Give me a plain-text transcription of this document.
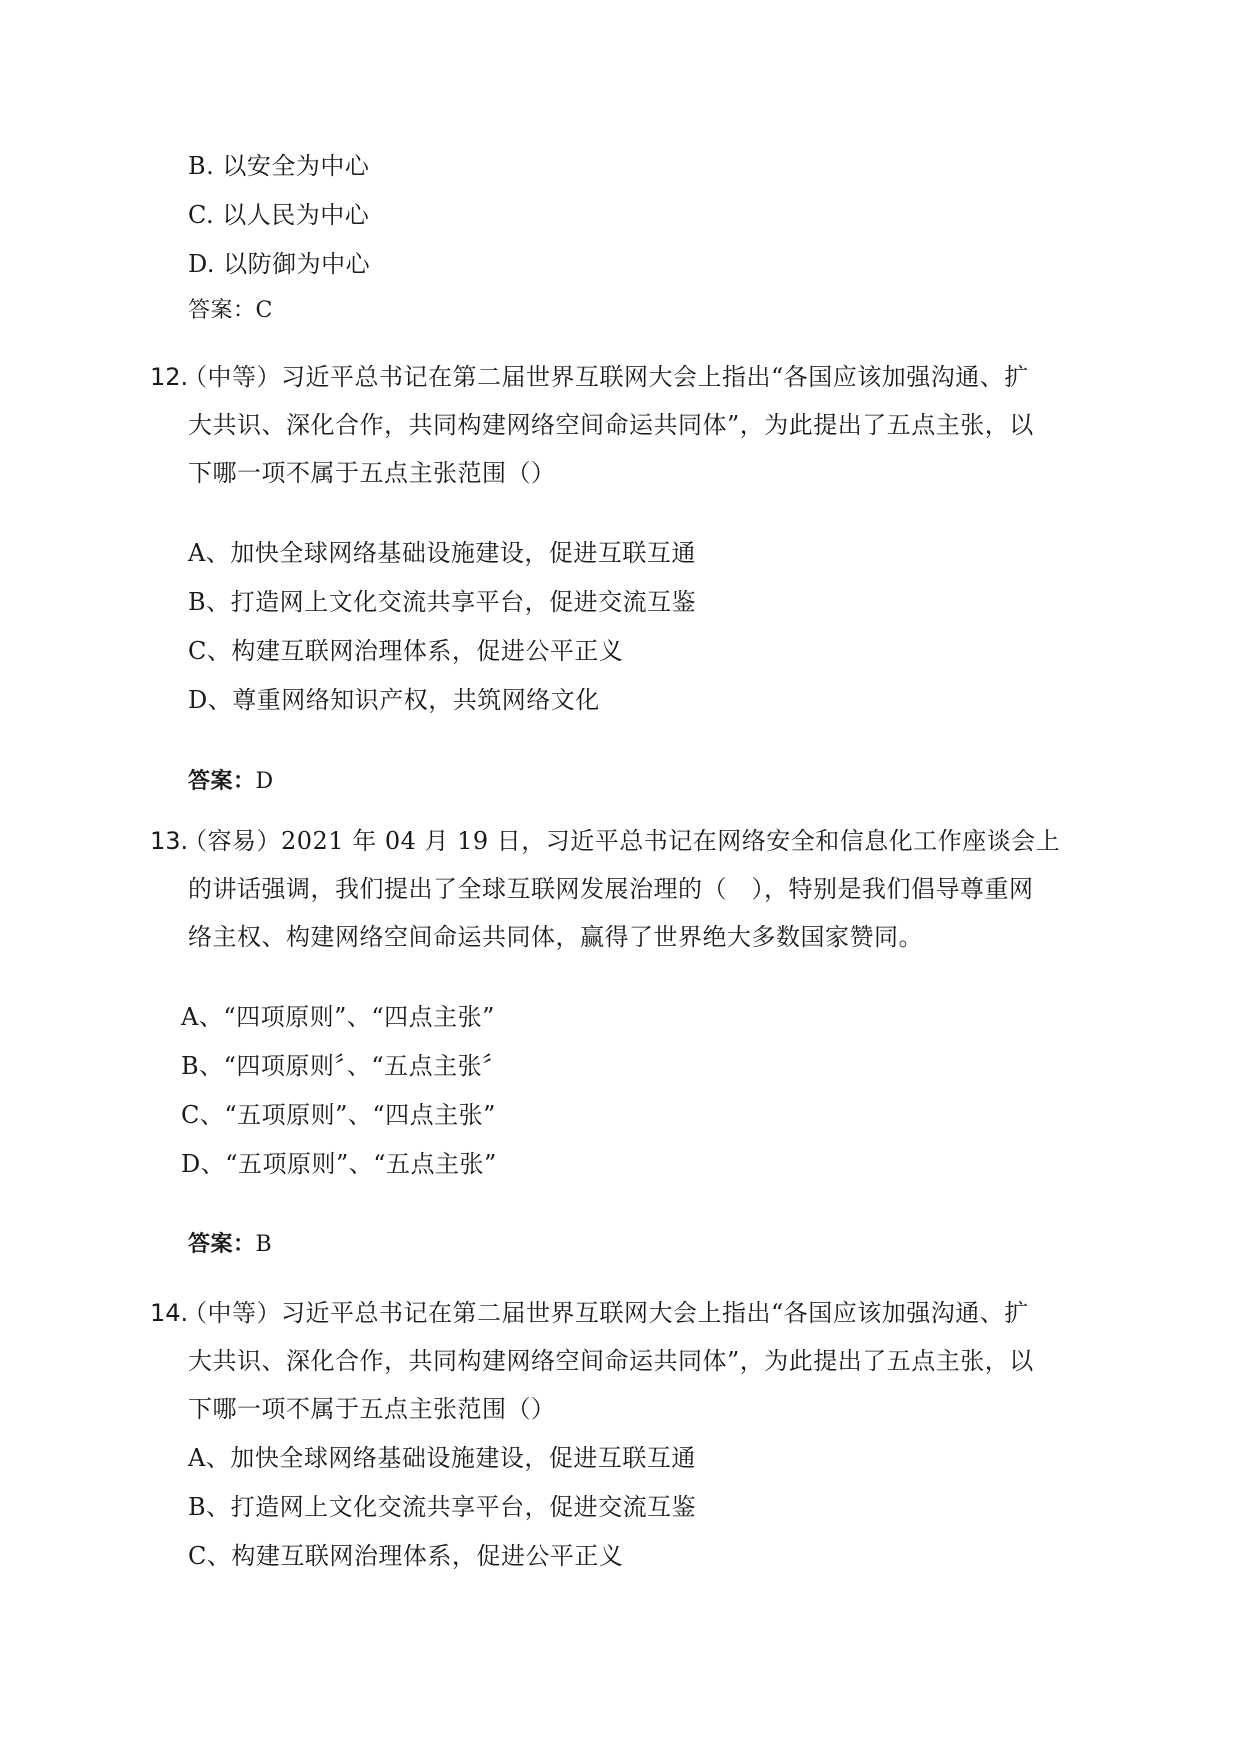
B. 以安全为中心
C. 以人民为中心
D. 以防御为中心
答案：C
12.
（中等）习近平总书记在第二届世界互联网大会上指出“各国应该加强沟通、扩
大共识、深化合作，共同构建网络空间命运共同体”，为此提出了五点主张，以
下哪一项不属于五点主张范围（）
A、加快全球网络基础设施建设，促进互联互通
B、打造网上文化交流共享平台，促进交流互鉴
C、构建互联网治理体系，促进公平正义
D、尊重网络知识产权，共筑网络文化
答案：D
13.
（容易）2021 年 04 月 19 日，习近平总书记在网络安全和信息化工作座谈会上
的讲话强调，我们提出了全球互联网发展治理的（　），特别是我们倡导尊重网
络主权、构建网络空间命运共同体，赢得了世界绝大多数国家赞同。
A、“四项原则”、“四点主张”
B、“四项原则〞、“五点主张〞
C、“五项原则”、“四点主张”
D、“五项原则”、“五点主张”
答案：B
14.
（中等）习近平总书记在第二届世界互联网大会上指出“各国应该加强沟通、扩
大共识、深化合作，共同构建网络空间命运共同体”，为此提出了五点主张，以
下哪一项不属于五点主张范围（）
A、加快全球网络基础设施建设，促进互联互通
B、打造网上文化交流共享平台，促进交流互鉴
C、构建互联网治理体系，促进公平正义
